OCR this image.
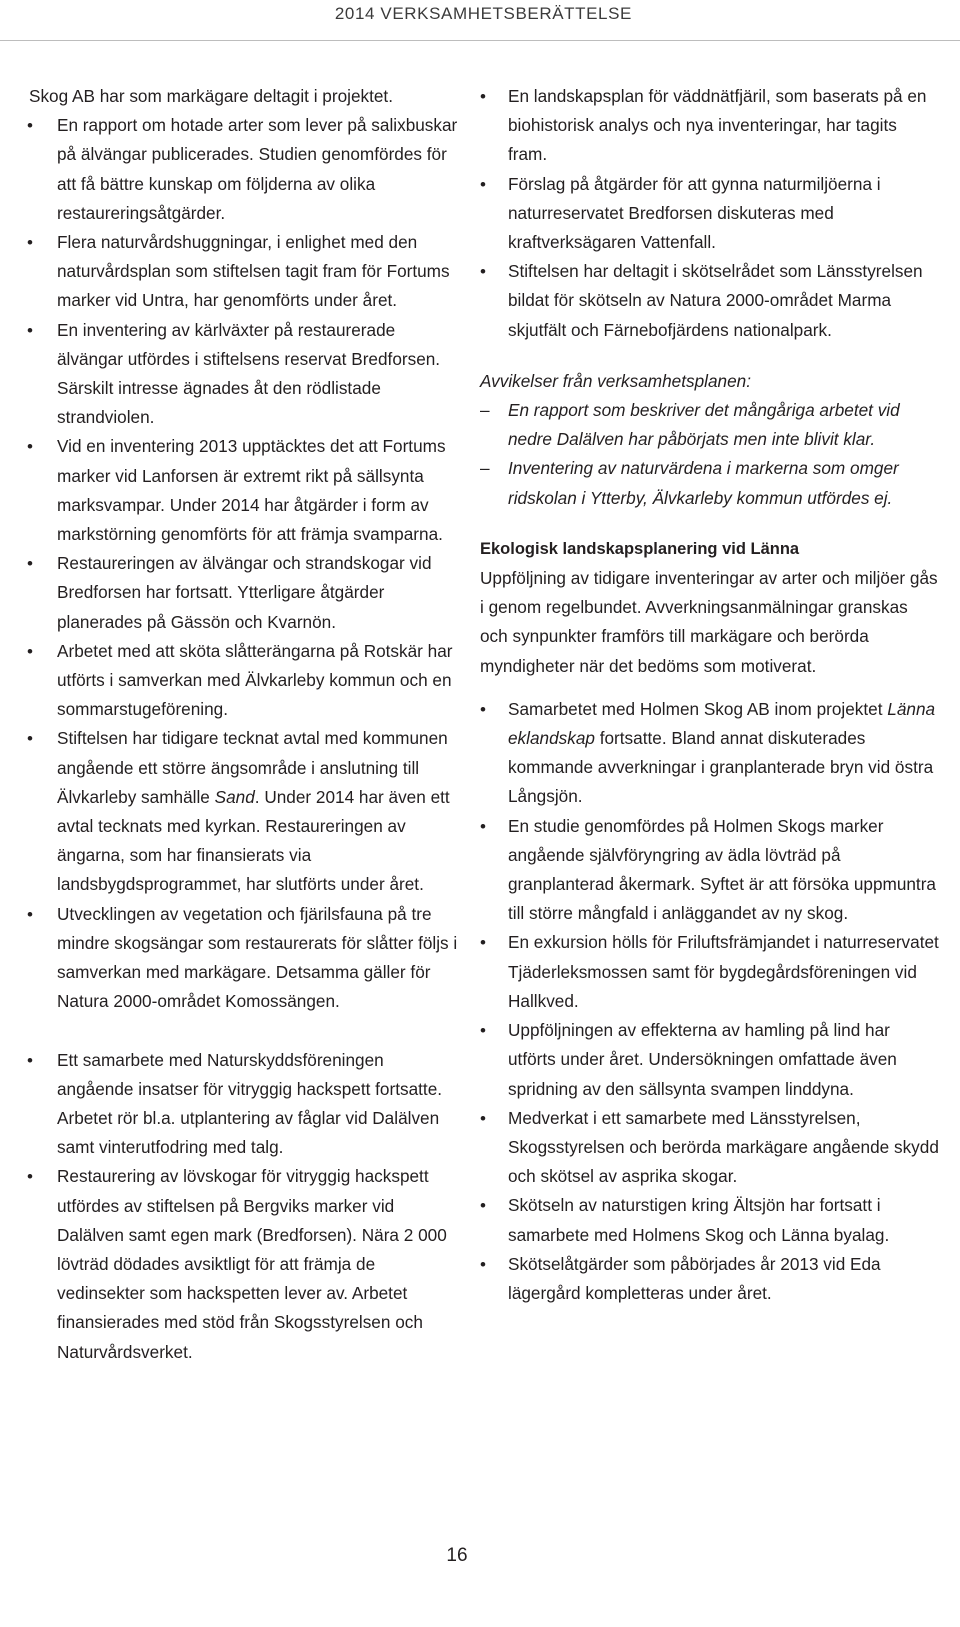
2014 VERKSAMHETSBERÄTTELSE

Skog AB har som markägare deltagit i projektet.

• En rapport om hotade arter som lever på salixbuskar på älvängar publicerades. Studien genomfördes för att få bättre kunskap om följderna av olika restaureringsåtgärder.
• Flera naturvårdshuggningar, i enlighet med den naturvårdsplan som stiftelsen tagit fram för Fortums marker vid Untra, har genomförts under året.
• En inventering av kärlväxter på restaurerade älvängar utfördes i stiftelsens reservat Bredforsen. Särskilt intresse ägnades åt den rödlistade strandviolen.
• Vid en inventering 2013 upptäcktes det att Fortums marker vid Lanforsen är extremt rikt på sällsynta marksvampar. Under 2014 har åtgärder i form av markstörning genomförts för att främja svamparna.
• Restaureringen av älvängar och strandskogar vid Bredforsen har fortsatt. Ytterligare åtgärder planerades på Gässön och Kvarnön.
• Arbetet med att sköta slåtterängarna på Rotskär har utförts i samverkan med Älvkarleby kommun och en sommarstugeförening.
• Stiftelsen har tidigare tecknat avtal med kommunen angående ett större ängsområde i anslutning till Älvkarleby samhälle Sand. Under 2014 har även ett avtal tecknats med kyrkan. Restaureringen av ängarna, som har finansierats via landsbygdsprogrammet, har slutförts under året.
• Utvecklingen av vegetation och fjärilsfauna på tre mindre skogsängar som restaurerats för slåtter följs i samverkan med markägare. Detsamma gäller för Natura 2000-området Komossängen.
• Ett samarbete med Naturskyddsföreningen angående insatser för vitryggig hackspett fortsatte. Arbetet rör bl.a. utplantering av fåglar vid Dalälven samt vinterutfodring med talg.
• Restaurering av lövskogar för vitryggig hackspett utfördes av stiftelsen på Bergviks marker vid Dalälven samt egen mark (Bredforsen). Nära 2 000 lövträd dödades avsiktligt för att främja de vedinsekter som hackspetten lever av. Arbetet finansierades med stöd från Skogsstyrelsen och Naturvårdsverket.
• En landskapsplan för väddnätfjäril, som baserats på en biohistorisk analys och nya inventeringar, har tagits fram.
• Förslag på åtgärder för att gynna naturmiljöerna i naturreservatet Bredforsen diskuteras med kraftverksägaren Vattenfall.
• Stiftelsen har deltagit i skötselrådet som Länsstyrelsen bildat för skötseln av Natura 2000-området Marma skjutfält och Färnebofjärdens nationalpark.

Avvikelser från verksamhetsplanen:

– En rapport som beskriver det mångåriga arbetet vid nedre Dalälven har påbörjats men inte blivit klar.
– Inventering av naturvärdena i markerna som omger ridskolan i Ytterby, Älvkarleby kommun utfördes ej.

Ekologisk landskapsplanering vid Länna

Uppföljning av tidigare inventeringar av arter och miljöer gås i genom regelbundet. Avverkningsanmälningar granskas och synpunkter framförs till markägare och berörda myndigheter när det bedöms som motiverat.

• Samarbetet med Holmen Skog AB inom projektet Länna eklandskap fortsatte. Bland annat diskuterades kommande avverkningar i granplanterade bryn vid östra Långsjön.
• En studie genomfördes på Holmen Skogs marker angående självföryngring av ädla lövträd på granplanterad åkermark. Syftet är att försöka uppmuntra till större mångfald i anläggandet av ny skog.
• En exkursion hölls för Friluftsfrämjandet i naturreservatet Tjäderleksmossen samt för bygdegårdsföreningen vid Hallkved.
• Uppföljningen av effekterna av hamling på lind har utförts under året. Undersökningen omfattade även spridning av den sällsynta svampen linddyna.
• Medverkat i ett samarbete med Länsstyrelsen, Skogsstyrelsen och berörda markägare angående skydd och skötsel av asprika skogar.
• Skötseln av naturstigen kring Ältsjön har fortsatt i samarbete med Holmens Skog och Länna byalag.
• Skötselåtgärder som påbörjades år 2013 vid Eda lägergård kompletteras under året.
16
